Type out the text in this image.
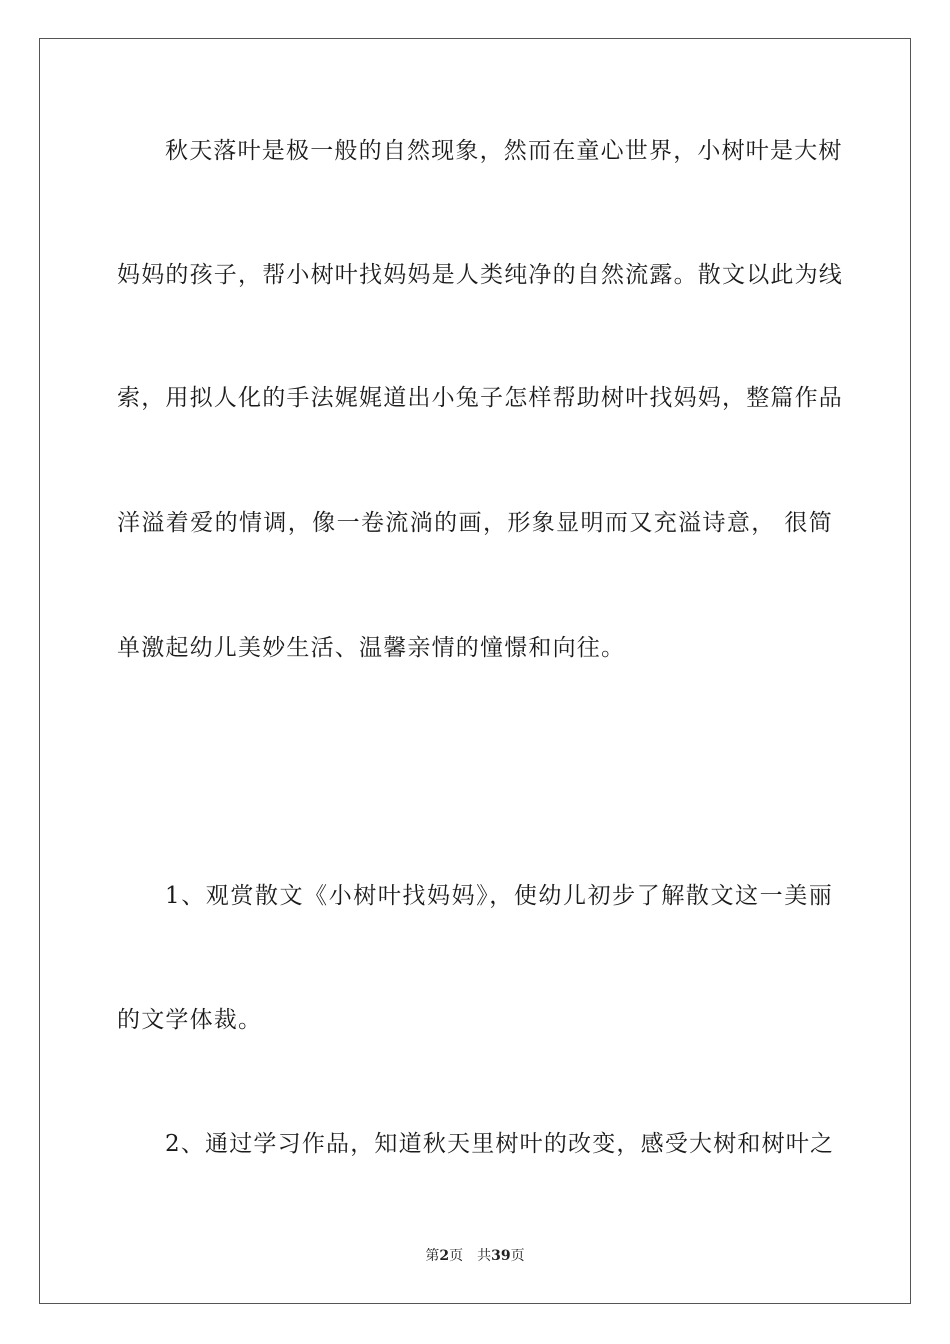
秋天落叶是极一般的自然现象，然而在童心世界，小树叶是大树
妈妈的孩子，帮小树叶找妈妈是人类纯净的自然流露。散文以此为线
索，用拟人化的手法娓娓道出小兔子怎样帮助树叶找妈妈，整篇作品
洋溢着爱的情调，像一卷流淌的画，形象显明而又充溢诗意， 很简
单激起幼儿美妙生活、温馨亲情的憧憬和向往。
1、观赏散文《小树叶找妈妈》，使幼儿初步了解散文这一美丽
的文学体裁。
2、通过学习作品，知道秋天里树叶的改变，感受大树和树叶之
第2页 共39页
